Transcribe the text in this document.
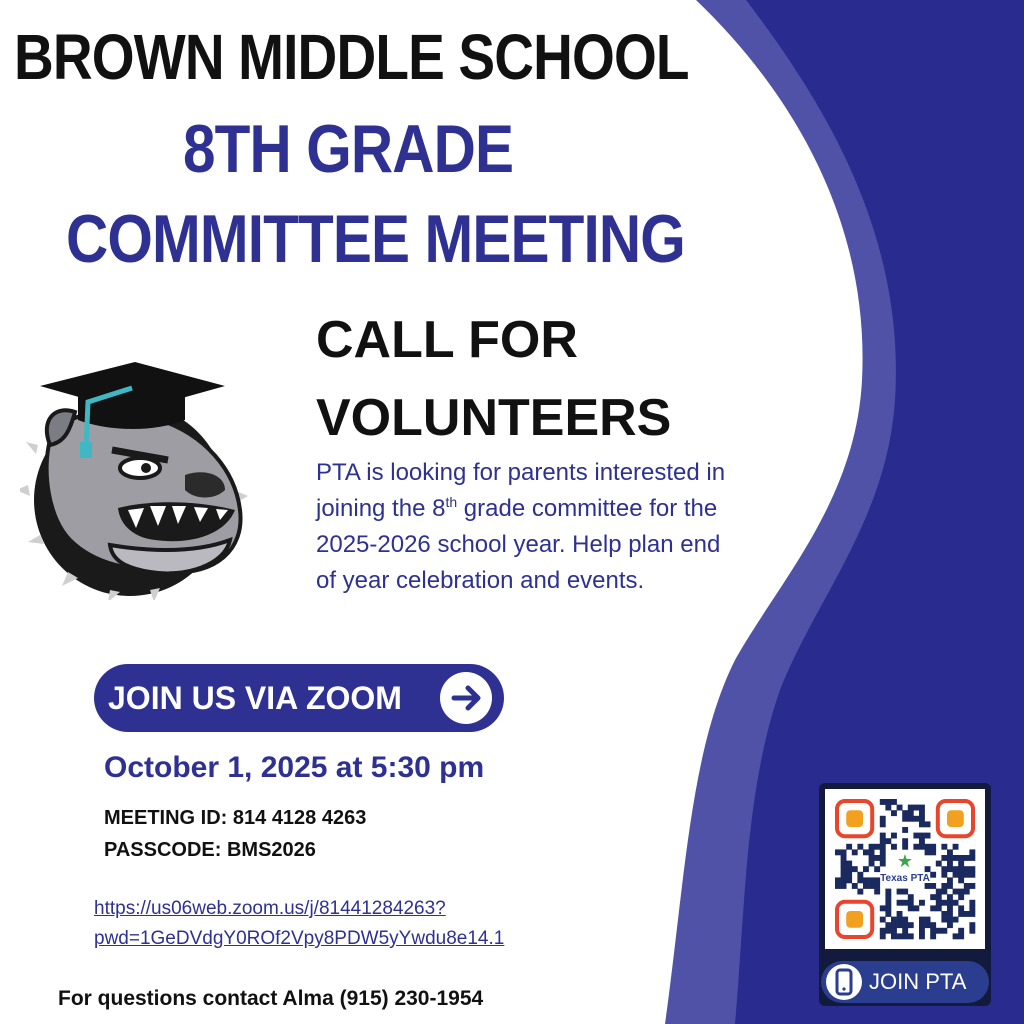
BROWN MIDDLE SCHOOL
8TH GRADE
COMMITTEE MEETING
CALL FOR
VOLUNTEERS
PTA is looking for parents interested in joining the 8th grade committee for the 2025-2026 school year. Help plan end of year celebration and events.
JOIN US VIA ZOOM
October 1, 2025 at 5:30 pm
MEETING ID: 814 4128 4263
PASSCODE: BMS2026
https://us06web.zoom.us/j/81441284263?
pwd=1GeDVdgY0ROf2Vpy8PDW5yYwdu8e14.1
For questions contact Alma (915) 230-1954
★
Texas PTA
JOIN PTA
